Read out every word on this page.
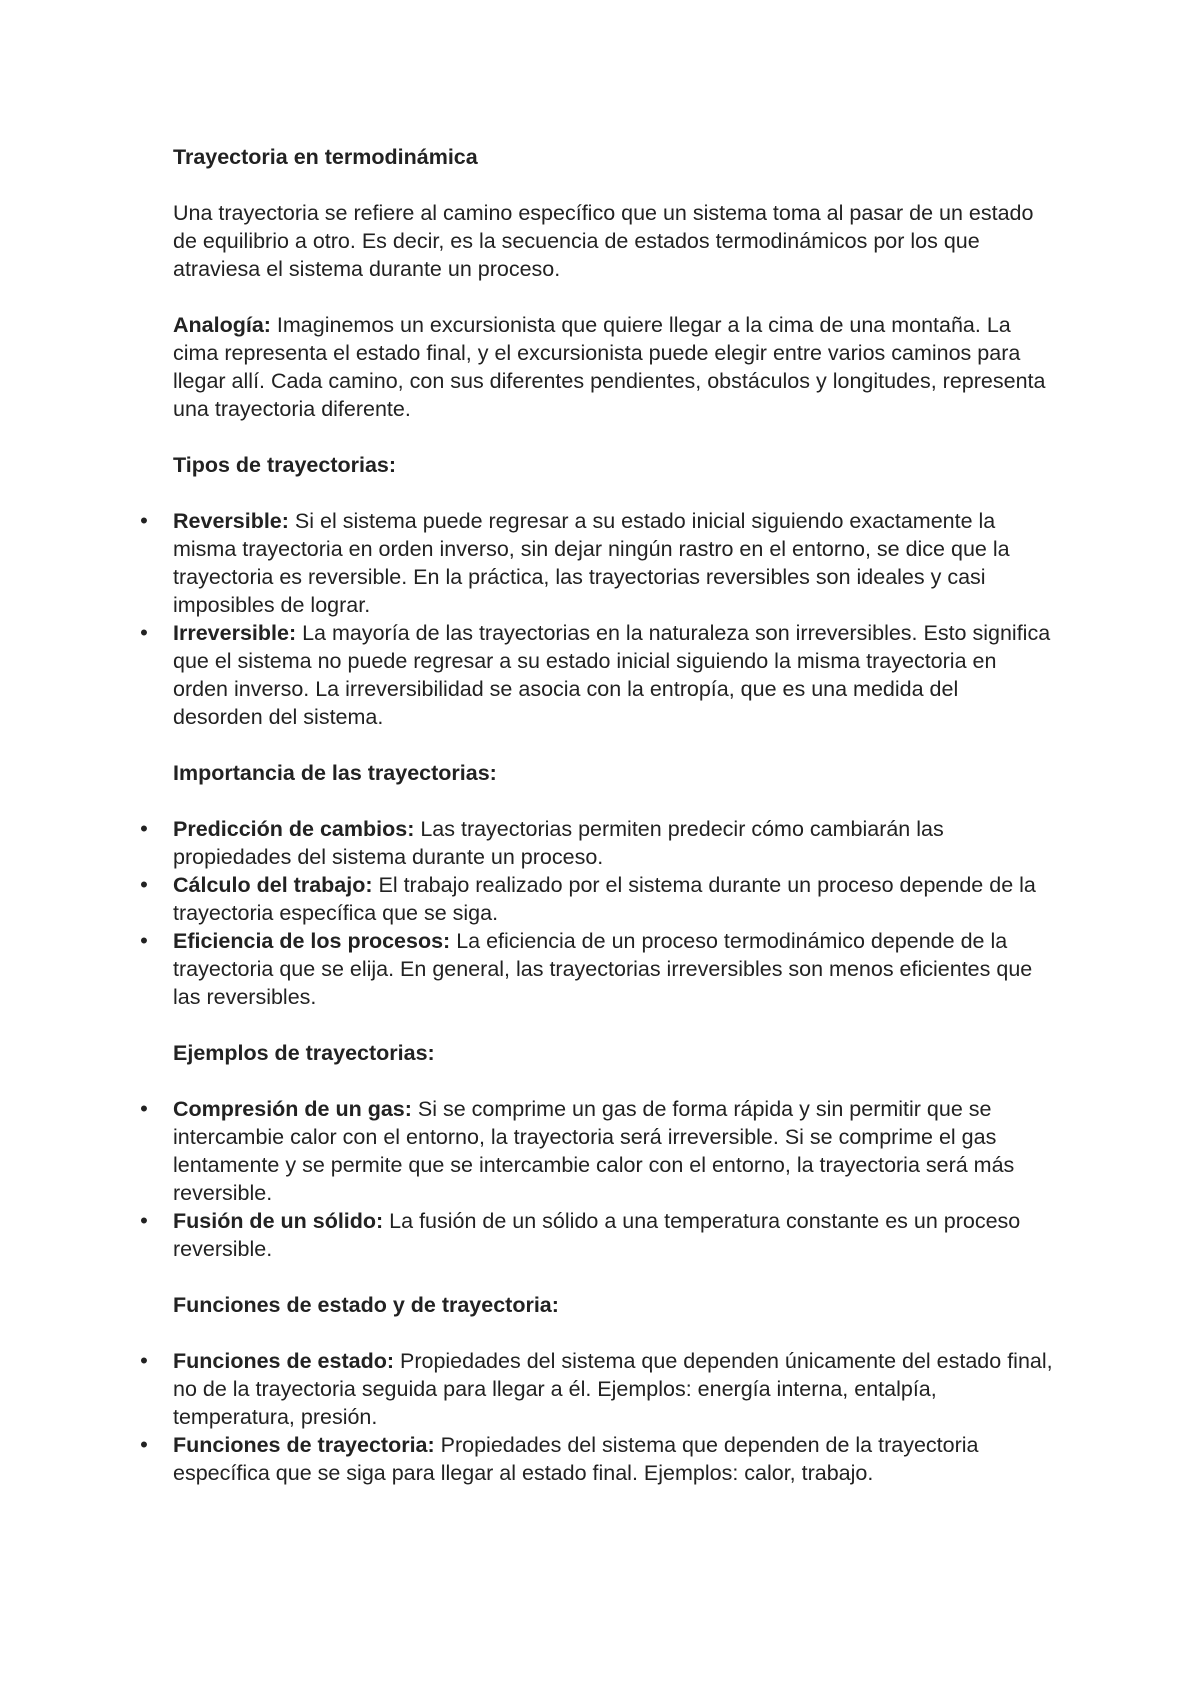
Trayectoria en termodinámica

Una trayectoria se refiere al camino específico que un sistema toma al pasar de un estado de equilibrio a otro. Es decir, es la secuencia de estados termodinámicos por los que atraviesa el sistema durante un proceso.

Analogía: Imaginemos un excursionista que quiere llegar a la cima de una montaña. La cima representa el estado final, y el excursionista puede elegir entre varios caminos para llegar allí. Cada camino, con sus diferentes pendientes, obstáculos y longitudes, representa una trayectoria diferente.

Tipos de trayectorias:
• Reversible: Si el sistema puede regresar a su estado inicial siguiendo exactamente la misma trayectoria en orden inverso, sin dejar ningún rastro en el entorno, se dice que la trayectoria es reversible. En la práctica, las trayectorias reversibles son ideales y casi imposibles de lograr.
• Irreversible: La mayoría de las trayectorias en la naturaleza son irreversibles. Esto significa que el sistema no puede regresar a su estado inicial siguiendo la misma trayectoria en orden inverso. La irreversibilidad se asocia con la entropía, que es una medida del desorden del sistema.
Importancia de las trayectorias:
• Predicción de cambios: Las trayectorias permiten predecir cómo cambiarán las propiedades del sistema durante un proceso.
• Cálculo del trabajo: El trabajo realizado por el sistema durante un proceso depende de la trayectoria específica que se siga.
• Eficiencia de los procesos: La eficiencia de un proceso termodinámico depende de la trayectoria que se elija. En general, las trayectorias irreversibles son menos eficientes que las reversibles.
Ejemplos de trayectorias:
• Compresión de un gas: Si se comprime un gas de forma rápida y sin permitir que se intercambie calor con el entorno, la trayectoria será irreversible. Si se comprime el gas lentamente y se permite que se intercambie calor con el entorno, la trayectoria será más reversible.
• Fusión de un sólido: La fusión de un sólido a una temperatura constante es un proceso reversible.
Funciones de estado y de trayectoria:
• Funciones de estado: Propiedades del sistema que dependen únicamente del estado final, no de la trayectoria seguida para llegar a él. Ejemplos: energía interna, entalpía, temperatura, presión.
• Funciones de trayectoria: Propiedades del sistema que dependen de la trayectoria específica que se siga para llegar al estado final. Ejemplos: calor, trabajo.
